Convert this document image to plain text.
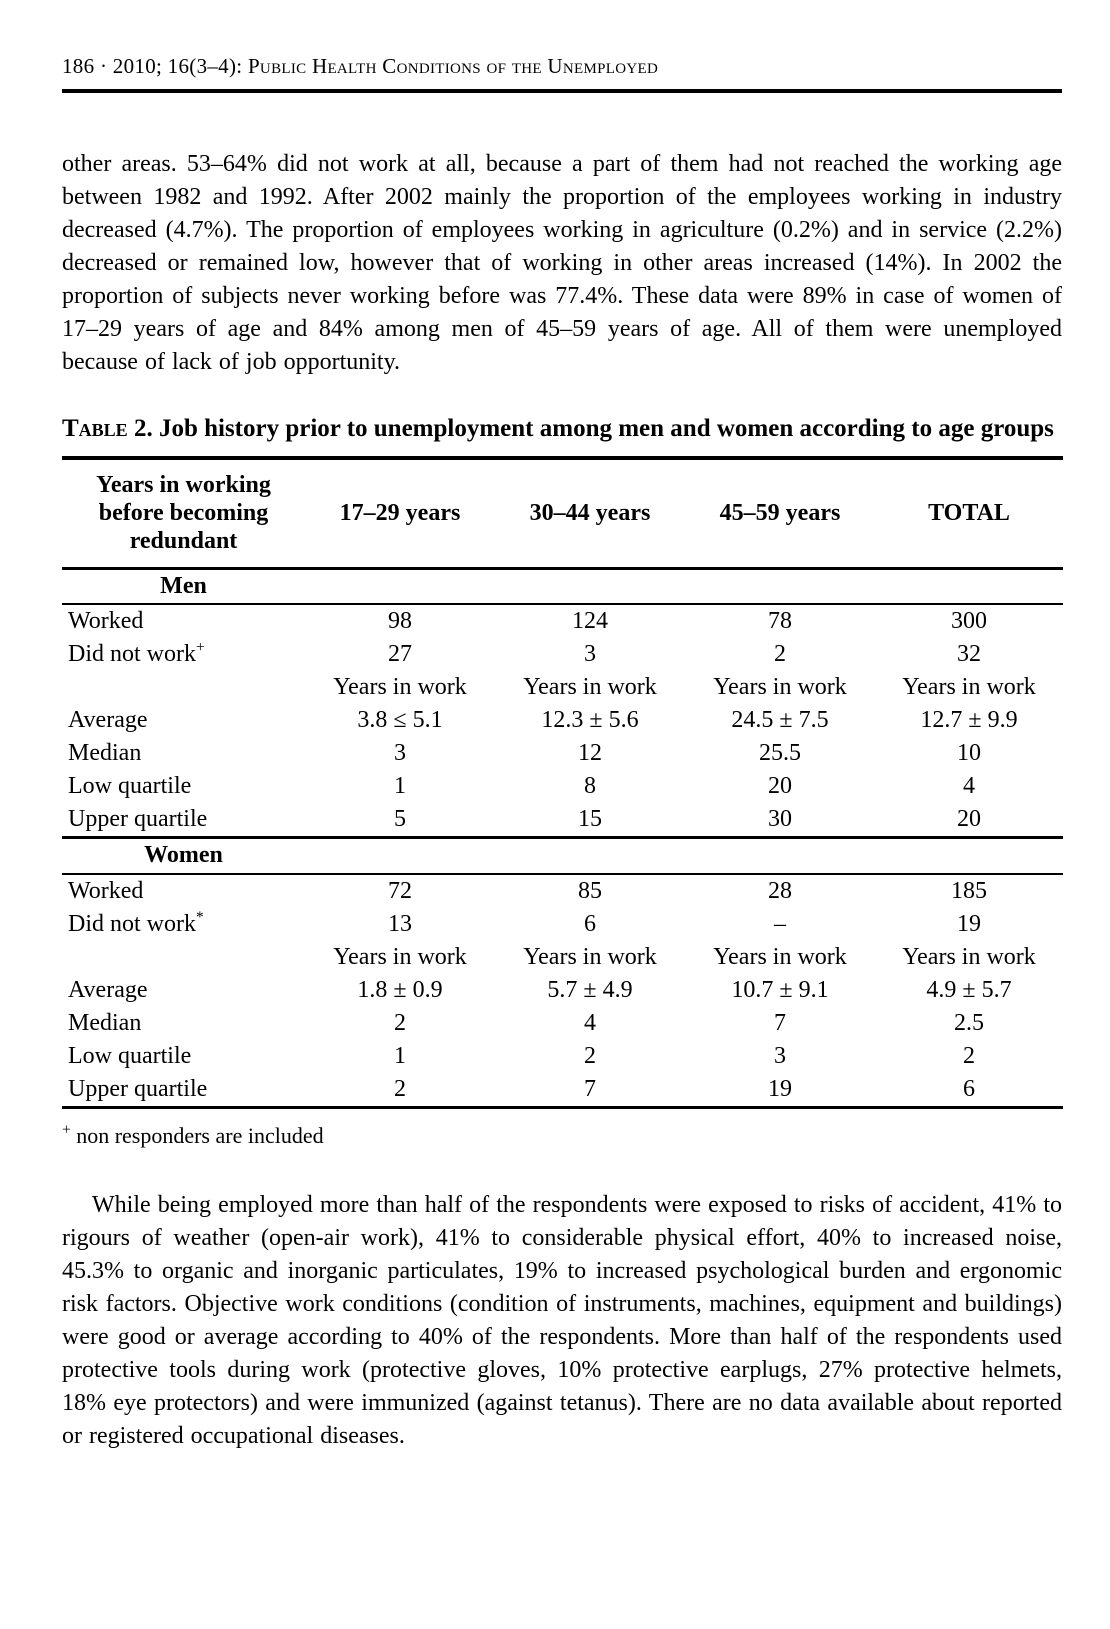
186 · 2010; 16(3–4): Public Health Conditions of the Unemployed

other areas. 53–64% did not work at all, because a part of them had not reached the working age between 1982 and 1992. After 2002 mainly the proportion of the employees working in industry decreased (4.7%). The proportion of employees working in agriculture (0.2%) and in service (2.2%) decreased or remained low, however that of working in other areas increased (14%). In 2002 the proportion of subjects never working before was 77.4%. These data were 89% in case of women of 17–29 years of age and 84% among men of 45–59 years of age. All of them were unemployed because of lack of job opportunity.

Table 2. Job history prior to unemployment among men and women according to age groups

Years in working before becoming redundant	17–29 years	30–44 years	45–59 years	TOTAL
Men				
Worked	98	124	78	300
Did not work+	27	3	2	32
	Years in work	Years in work	Years in work	Years in work
Average	3.8 ≤ 5.1	12.3 ± 5.6	24.5 ± 7.5	12.7 ± 9.9
Median	3	12	25.5	10
Low quartile	1	8	20	4
Upper quartile	5	15	30	20
Women				
Worked	72	85	28	185
Did not work*	13	6	–	19
	Years in work	Years in work	Years in work	Years in work
Average	1.8 ± 0.9	5.7 ± 4.9	10.7 ± 9.1	4.9 ± 5.7
Median	2	4	7	2.5
Low quartile	1	2	3	2
Upper quartile	2	7	19	6
+ non responders are included

While being employed more than half of the respondents were exposed to risks of accident, 41% to rigours of weather (open-air work), 41% to considerable physical effort, 40% to increased noise, 45.3% to organic and inorganic particulates, 19% to increased psychological burden and ergonomic risk factors. Objective work conditions (condition of instruments, machines, equipment and buildings) were good or average according to 40% of the respondents. More than half of the respondents used protective tools during work (protective gloves, 10% protective earplugs, 27% protective helmets, 18% eye protectors) and were immunized (against tetanus). There are no data available about reported or registered occupational diseases.
